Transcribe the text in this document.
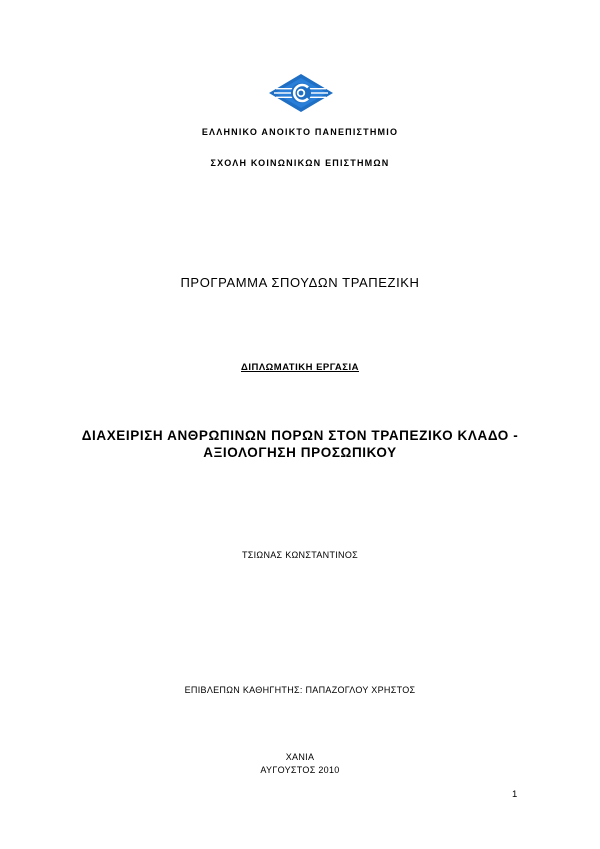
ΕΛΛΗΝΙΚΟ ΑΝΟΙΚΤΟ ΠΑΝΕΠΙΣΤΗΜΙΟ
ΣΧΟΛΗ ΚΟΙΝΩΝΙΚΩΝ ΕΠΙΣΤΗΜΩΝ
ΠΡΟΓΡΑΜΜΑ ΣΠΟΥΔΩΝ ΤΡΑΠΕΖΙΚΗ
ΔΙΠΛΩΜΑΤΙΚΗ ΕΡΓΑΣΙΑ
ΔΙΑΧΕΙΡΙΣΗ ΑΝΘΡΩΠΙΝΩΝ ΠΟΡΩΝ ΣΤΟΝ ΤΡΑΠΕΖΙΚΟ ΚΛΑΔΟ -
ΑΞΙΟΛΟΓΗΣΗ ΠΡΟΣΩΠΙΚΟΥ
ΤΣΙΩΝΑΣ ΚΩΝΣΤΑΝΤΙΝΟΣ
ΕΠΙΒΛΕΠΩΝ ΚΑΘΗΓΗΤΗΣ: ΠΑΠΑΖΟΓΛΟΥ ΧΡΗΣΤΟΣ
ΧΑΝΙΑ
ΑΥΓΟΥΣΤΟΣ 2010
1
